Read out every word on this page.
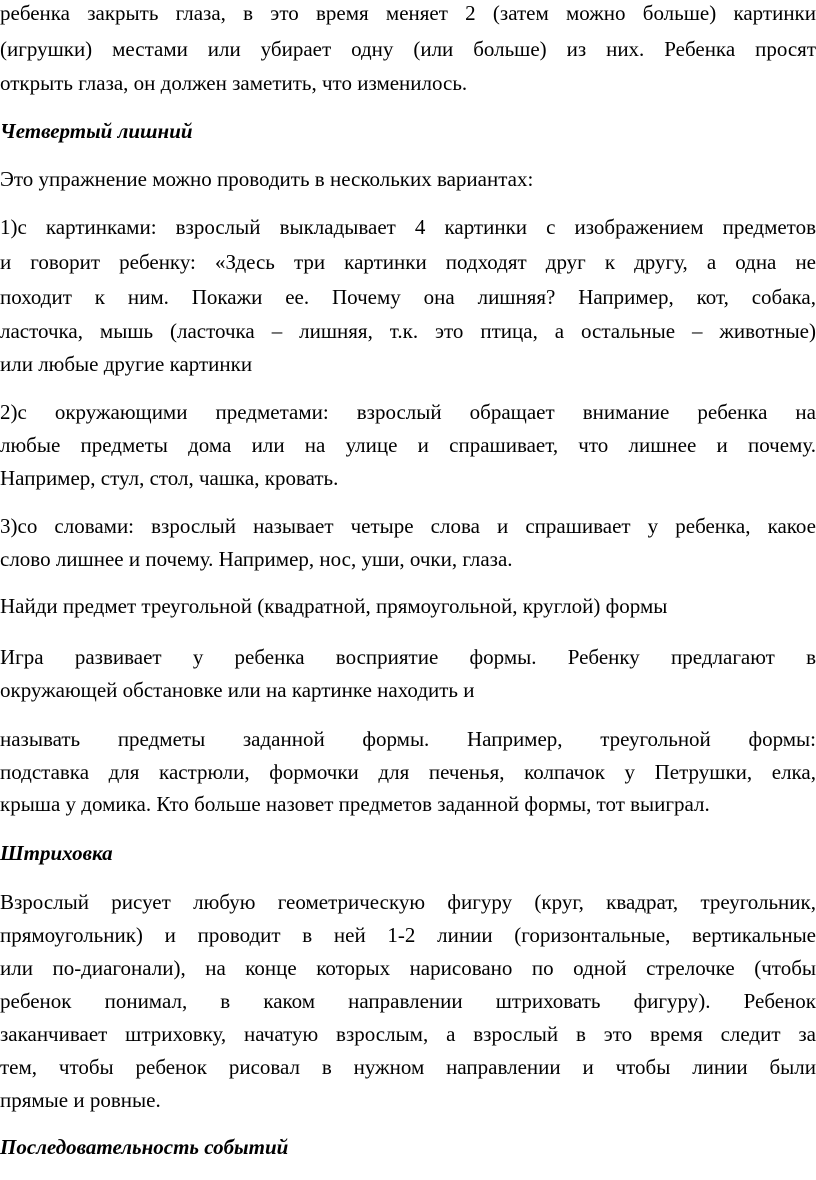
ребенка закрыть глаза, в это время меняет 2 (затем можно больше) картинки
(игрушки) местами или убирает одну (или больше) из них. Ребенка просят
открыть глаза, он должен заметить, что изменилось.
Четвертый лишний
Это упражнение можно проводить в нескольких вариантах:
1)с картинками: взрослый выкладывает 4 картинки с изображением предметов
и говорит ребенку: «Здесь три картинки подходят друг к другу, а одна не
походит к ним. Покажи ее. Почему она лишняя? Например, кот, собака,
ласточка, мышь (ласточка – лишняя, т.к. это птица, а остальные – животные)
или любые другие картинки
2)с окружающими предметами: взрослый обращает внимание ребенка на
любые предметы дома или на улице и спрашивает, что лишнее и почему.
Например, стул, стол, чашка, кровать.
3)со словами: взрослый называет четыре слова и спрашивает у ребенка, какое
слово лишнее и почему. Например, нос, уши, очки, глаза.
Найди предмет треугольной (квадратной, прямоугольной, круглой) формы
Игра развивает у ребенка восприятие формы. Ребенку предлагают в
окружающей обстановке или на картинке находить и
называть предметы заданной формы. Например, треугольной формы:
подставка для кастрюли, формочки для печенья, колпачок у Петрушки, елка,
крыша у домика. Кто больше назовет предметов заданной формы, тот выиграл.
Штриховка
Взрослый рисует любую геометрическую фигуру (круг, квадрат, треугольник,
прямоугольник) и проводит в ней 1-2 линии (горизонтальные, вертикальные
или по-диагонали), на конце которых нарисовано по одной стрелочке (чтобы
ребенок понимал, в каком направлении штриховать фигуру). Ребенок
заканчивает штриховку, начатую взрослым, а взрослый в это время следит за
тем, чтобы ребенок рисовал в нужном направлении и чтобы линии были
прямые и ровные.
Последовательность событий
